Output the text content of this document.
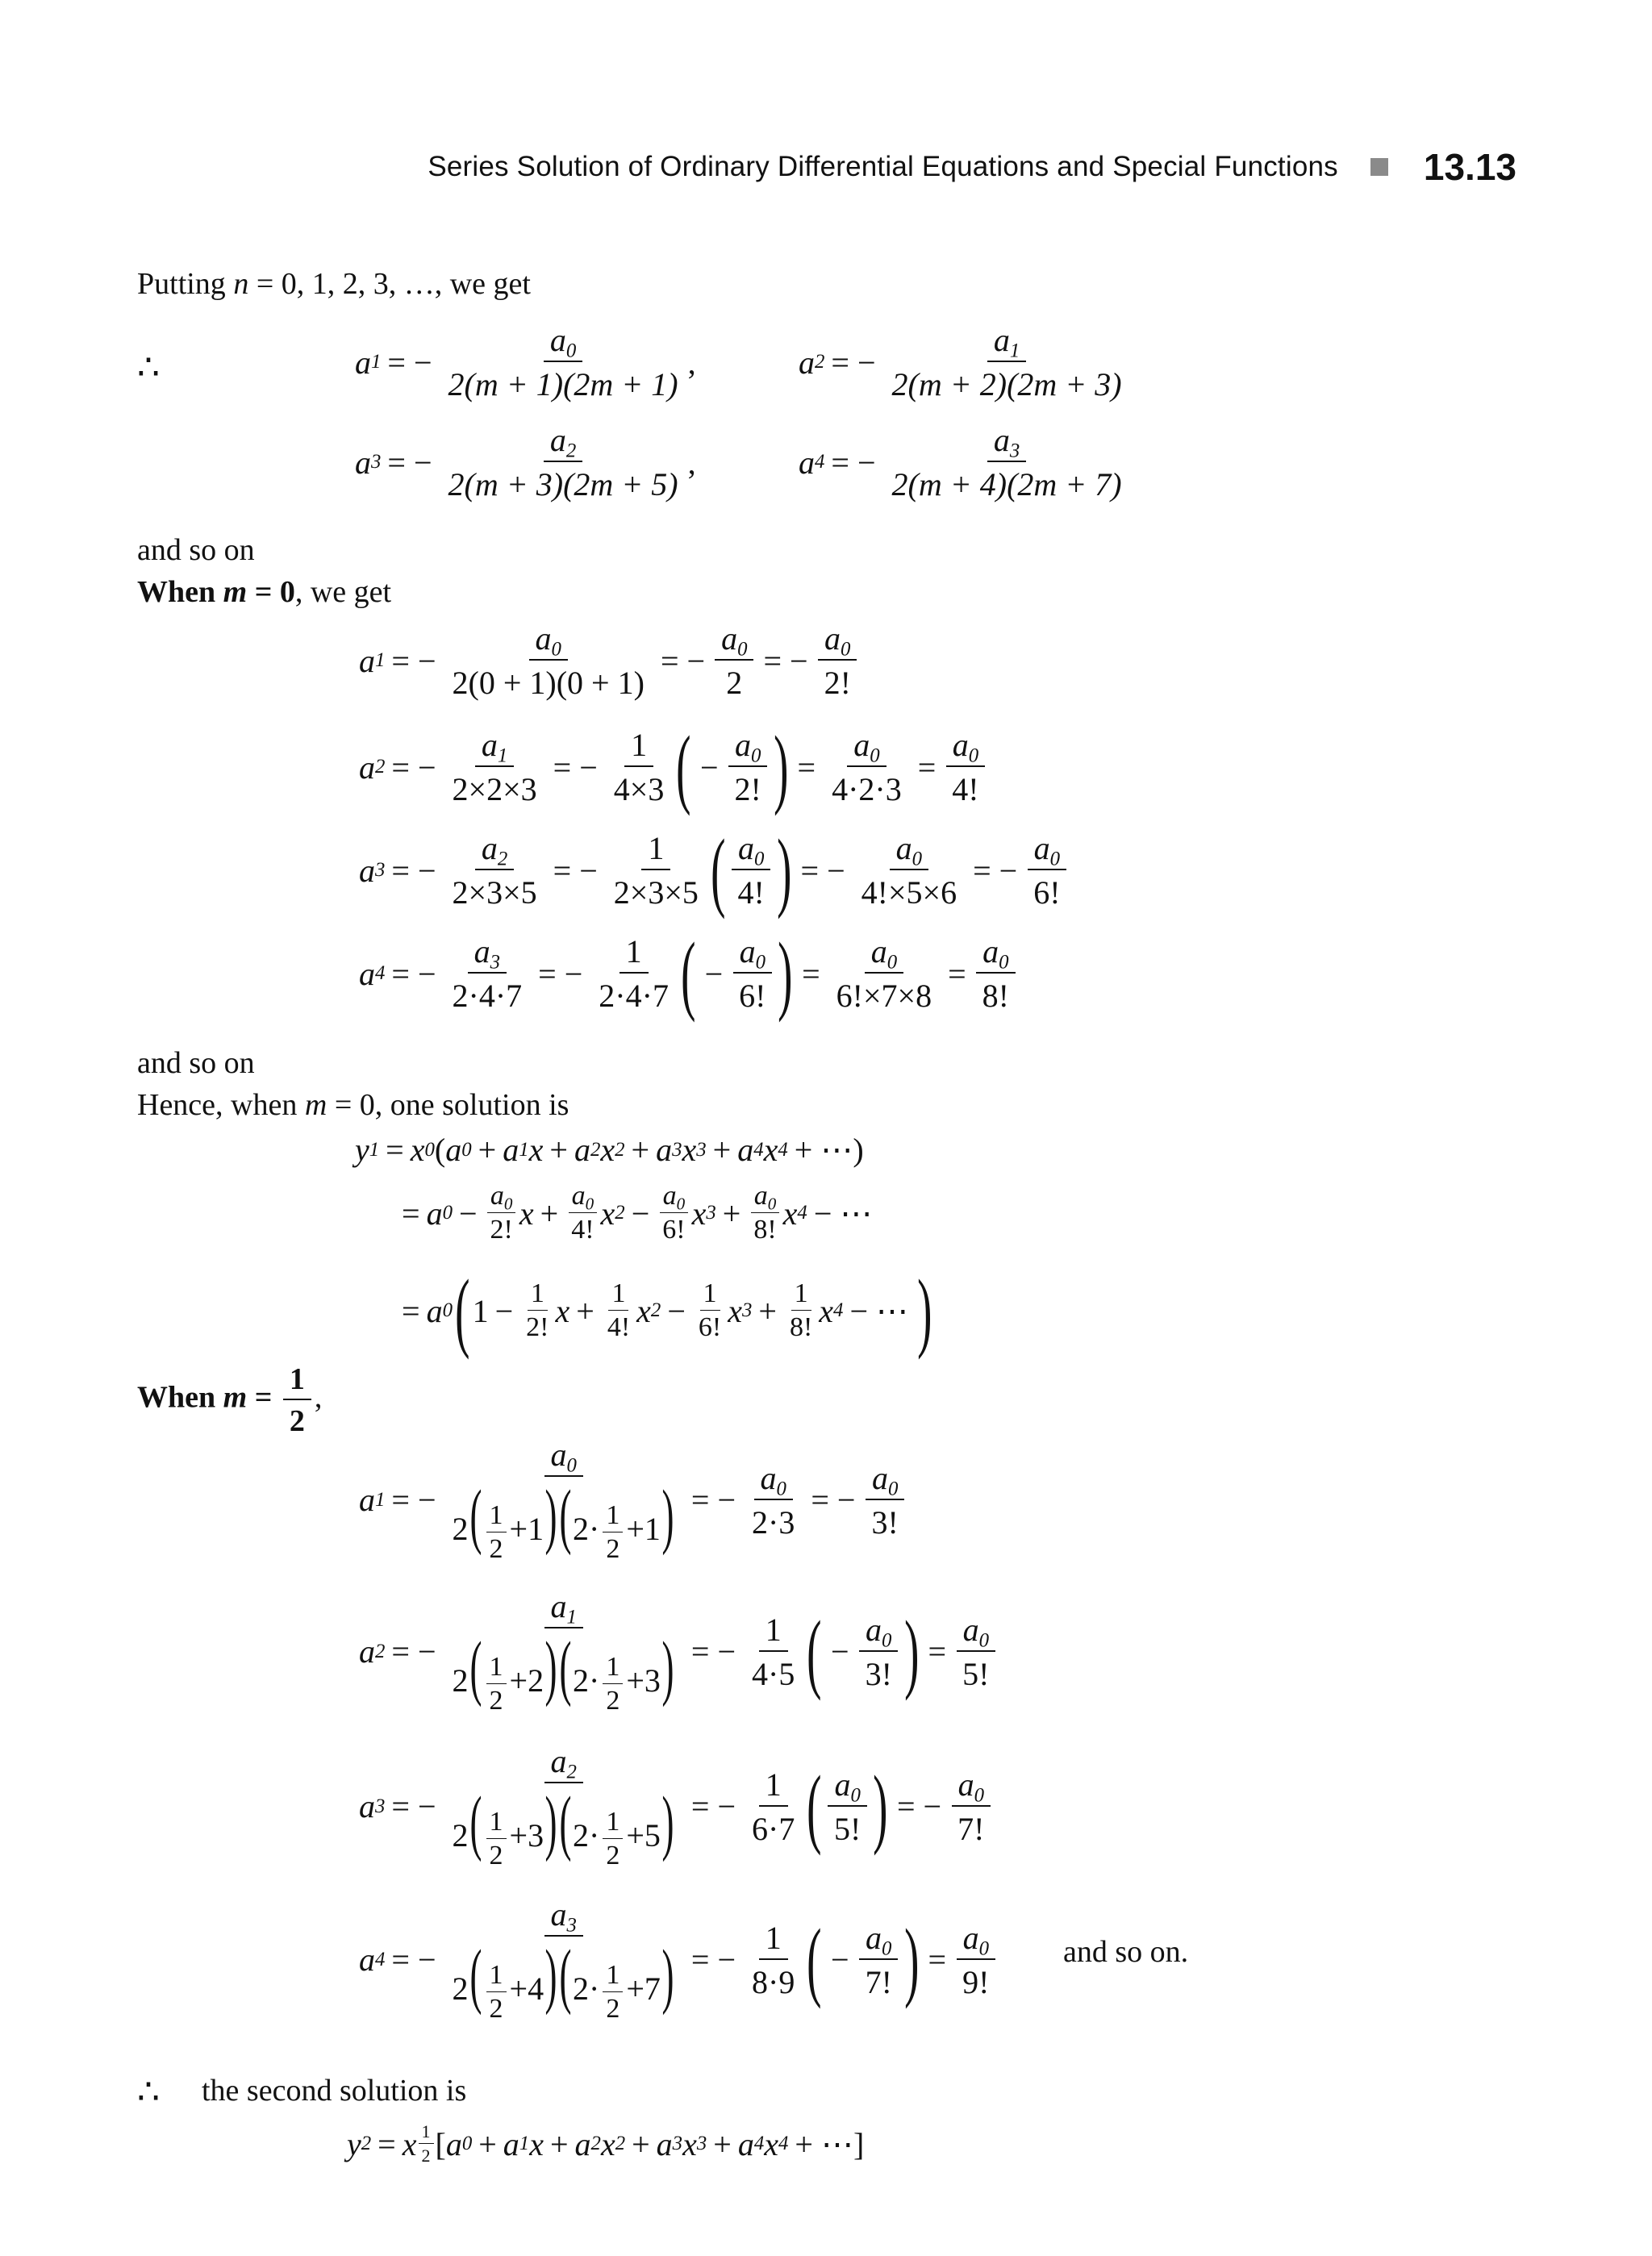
Series Solution of Ordinary Differential Equations and Special Functions 13.13
Putting n = 0, 1, 2, 3, …, we get
∴	a 1 = − $\frac{a_0}{2(m + 1)(2m + 1)}$ ,	a 2 = − $\frac{a_1}{2(m + 2)(2m + 3)}$
a 3 = − $\frac{a_2}{2(m + 3)(2m + 5)}$ ,	a 4 = − $\frac{a_3}{2(m + 4)(2m + 7)}$
and so on
When m = 0, we get
a 1 = − $\frac{a_0}{2(0 + 1)(0 + 1)}$ = − $\frac{a_0}{2}$ = − $\frac{a_0}{2!}$
a 2 = − $\frac{a_1}{2\times 2\times 3}$ = − $\frac{1}{4\times 3}$ ( − $\frac{a_0}{2!}$ ) = $\frac{a_0}{4\cdot 2\cdot 3} = \frac{a_0}{4!}$
a 3 = − $\frac{a_2}{2\times 3\times 5}$ = − $\frac{1}{2\times 3\times 5}$ ( $\frac{a_0}{4!}$ ) = − $\frac{a_0}{4!\times 5\times 6}$ = − $\frac{a_0}{6!}$
a 4 = − $\frac{a_3}{2\cdot 4\cdot 7}$ = − $\frac{1}{2\cdot 4\cdot 7}$ ( − $\frac{a_0}{6!}$ ) = $\frac{a_0}{6!\times 7\times 8} = \frac{a_0}{8!}$
and so on
Hence, when m = 0, one solution is
y 1 = x 0 ( a 0 + a 1 x + a 2 x 2 + a 3 x 3 + a 4 x 4 + ⋯)
= a $0 - \frac{a_0}{2!}$ $x + \frac{a_0}{4!}$ x $2 - \frac{a_0}{6!}$ x $3 + \frac{a_0}{8!}$ x 4 − ⋯
= a 0 ( $1 - \frac{1}{2!}$ $x + \frac{1}{4!}$ x $2 - \frac{1}{6!}$ x $3 + \frac{1}{8!}$ x 4 − ⋯ )
When $m = \frac{1}{2}$ ,
a 1 = − $\frac{a_0}{2( \frac{1}{2} +1)(2\cdot \frac{1}{2} +1)}$ = − $\frac{a_0}{2\cdot 3}$ = − $\frac{a_0}{3!}$
a 2 = − $\frac{a_1}{2( \frac{1}{2} +2)(2\cdot \frac{1}{2} +3)}$ = − $\frac{1}{4\cdot 5}$ ( − $\frac{a_0}{3!}$ ) = $\frac{a_0}{5!}$
a 3 = − $\frac{a_2}{2( \frac{1}{2} +3)(2\cdot \frac{1}{2} +5)}$ = − $\frac{1}{6\cdot 7}$ ( $\frac{a_0}{5!}$ ) = − $\frac{a_0}{7!}$
a 4 = − $\frac{a_3}{2( \frac{1}{2} +4)(2\cdot \frac{1}{2} +7)}$ = − $\frac{1}{8\cdot 9}$ ( − $\frac{a_0}{7!}$ ) = $\frac{a_0}{9!}$ and so on.
∴ the second solution is
y 2 = x $\frac{1}{2}$ [ a 0 + a 1 x + a 2 x 2 + a 3 x 3 + a 4 x 4 + ⋯]
